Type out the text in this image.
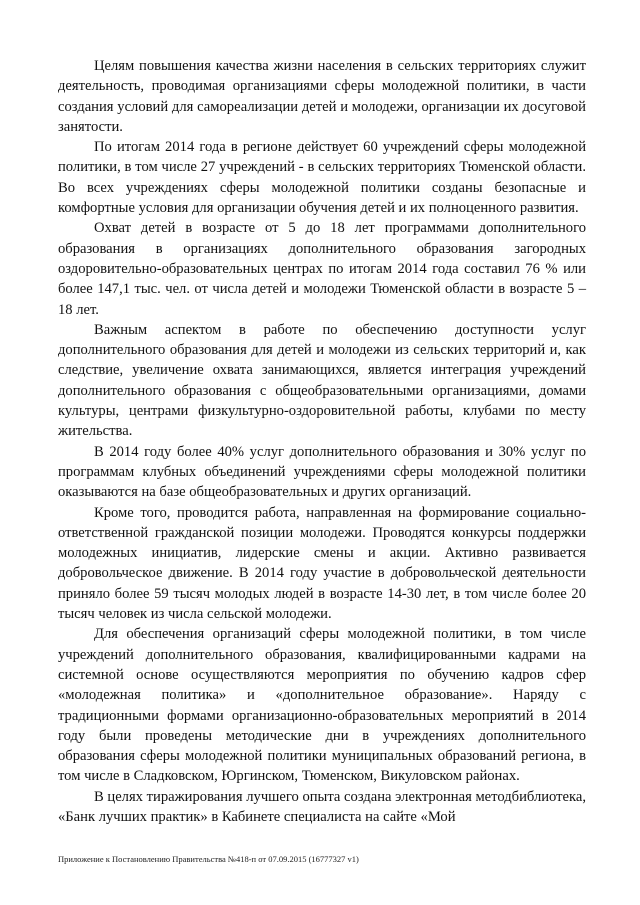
Целям повышения качества жизни населения в сельских территориях служит деятельность, проводимая организациями сферы молодежной политики, в части создания условий для самореализации детей и молодежи, организации их досуговой занятости.

По итогам 2014 года в регионе действует 60 учреждений сферы молодежной политики, в том числе 27 учреждений - в сельских территориях Тюменской области. Во всех учреждениях сферы молодежной политики созданы безопасные и комфортные условия для организации обучения детей и их полноценного развития.

Охват детей в возрасте от 5 до 18 лет программами дополнительного образования в организациях дополнительного образования загородных оздоровительно-образовательных центрах по итогам 2014 года составил 76 % или более 147,1 тыс. чел. от числа детей и молодежи Тюменской области в возрасте 5 – 18 лет.

Важным аспектом в работе по обеспечению доступности услуг дополнительного образования для детей и молодежи из сельских территорий и, как следствие, увеличение охвата занимающихся, является интеграция учреждений дополнительного образования с общеобразовательными организациями, домами культуры, центрами физкультурно-оздоровительной работы, клубами по месту жительства.

В 2014 году более 40% услуг дополнительного образования и 30% услуг по программам клубных объединений учреждениями сферы молодежной политики оказываются на базе общеобразовательных и других организаций.

Кроме того, проводится работа, направленная на формирование социально-ответственной гражданской позиции молодежи. Проводятся конкурсы поддержки молодежных инициатив, лидерские смены и акции. Активно развивается добровольческое движение. В 2014 году участие в добровольческой деятельности приняло более 59 тысяч молодых людей в возрасте 14-30 лет, в том числе более 20 тысяч человек из числа сельской молодежи.

Для обеспечения организаций сферы молодежной политики, в том числе учреждений дополнительного образования, квалифицированными кадрами на системной основе осуществляются мероприятия по обучению кадров сфер «молодежная политика» и «дополнительное образование». Наряду с традиционными формами организационно-образовательных мероприятий в 2014 году были проведены методические дни в учреждениях дополнительного образования сферы молодежной политики муниципальных образований региона, в том числе в Сладковском, Юргинском, Тюменском, Викуловском районах.

В целях тиражирования лучшего опыта создана электронная методбиблиотека, «Банк лучших практик» в Кабинете специалиста на сайте «Мой

Приложение к Постановлению Правительства №418-п от 07.09.2015 (16777327 v1)
